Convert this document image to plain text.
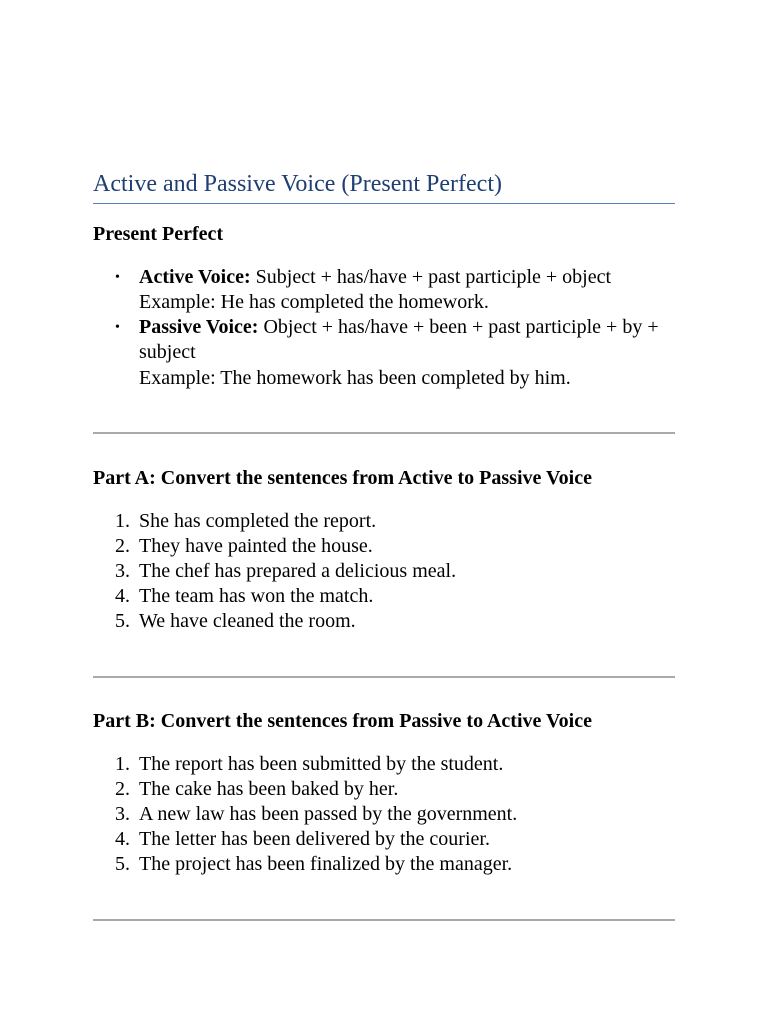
Active and Passive Voice (Present Perfect)

Present Perfect

• Active Voice: Subject + has/have + past participle + object
Example: He has completed the homework.
• Passive Voice: Object + has/have + been + past participle + by + subject
Example: The homework has been completed by him.

Part A: Convert the sentences from Active to Passive Voice

1. She has completed the report.
2. They have painted the house.
3. The chef has prepared a delicious meal.
4. The team has won the match.
5. We have cleaned the room.

Part B: Convert the sentences from Passive to Active Voice

1. The report has been submitted by the student.
2. The cake has been baked by her.
3. A new law has been passed by the government.
4. The letter has been delivered by the courier.
5. The project has been finalized by the manager.
